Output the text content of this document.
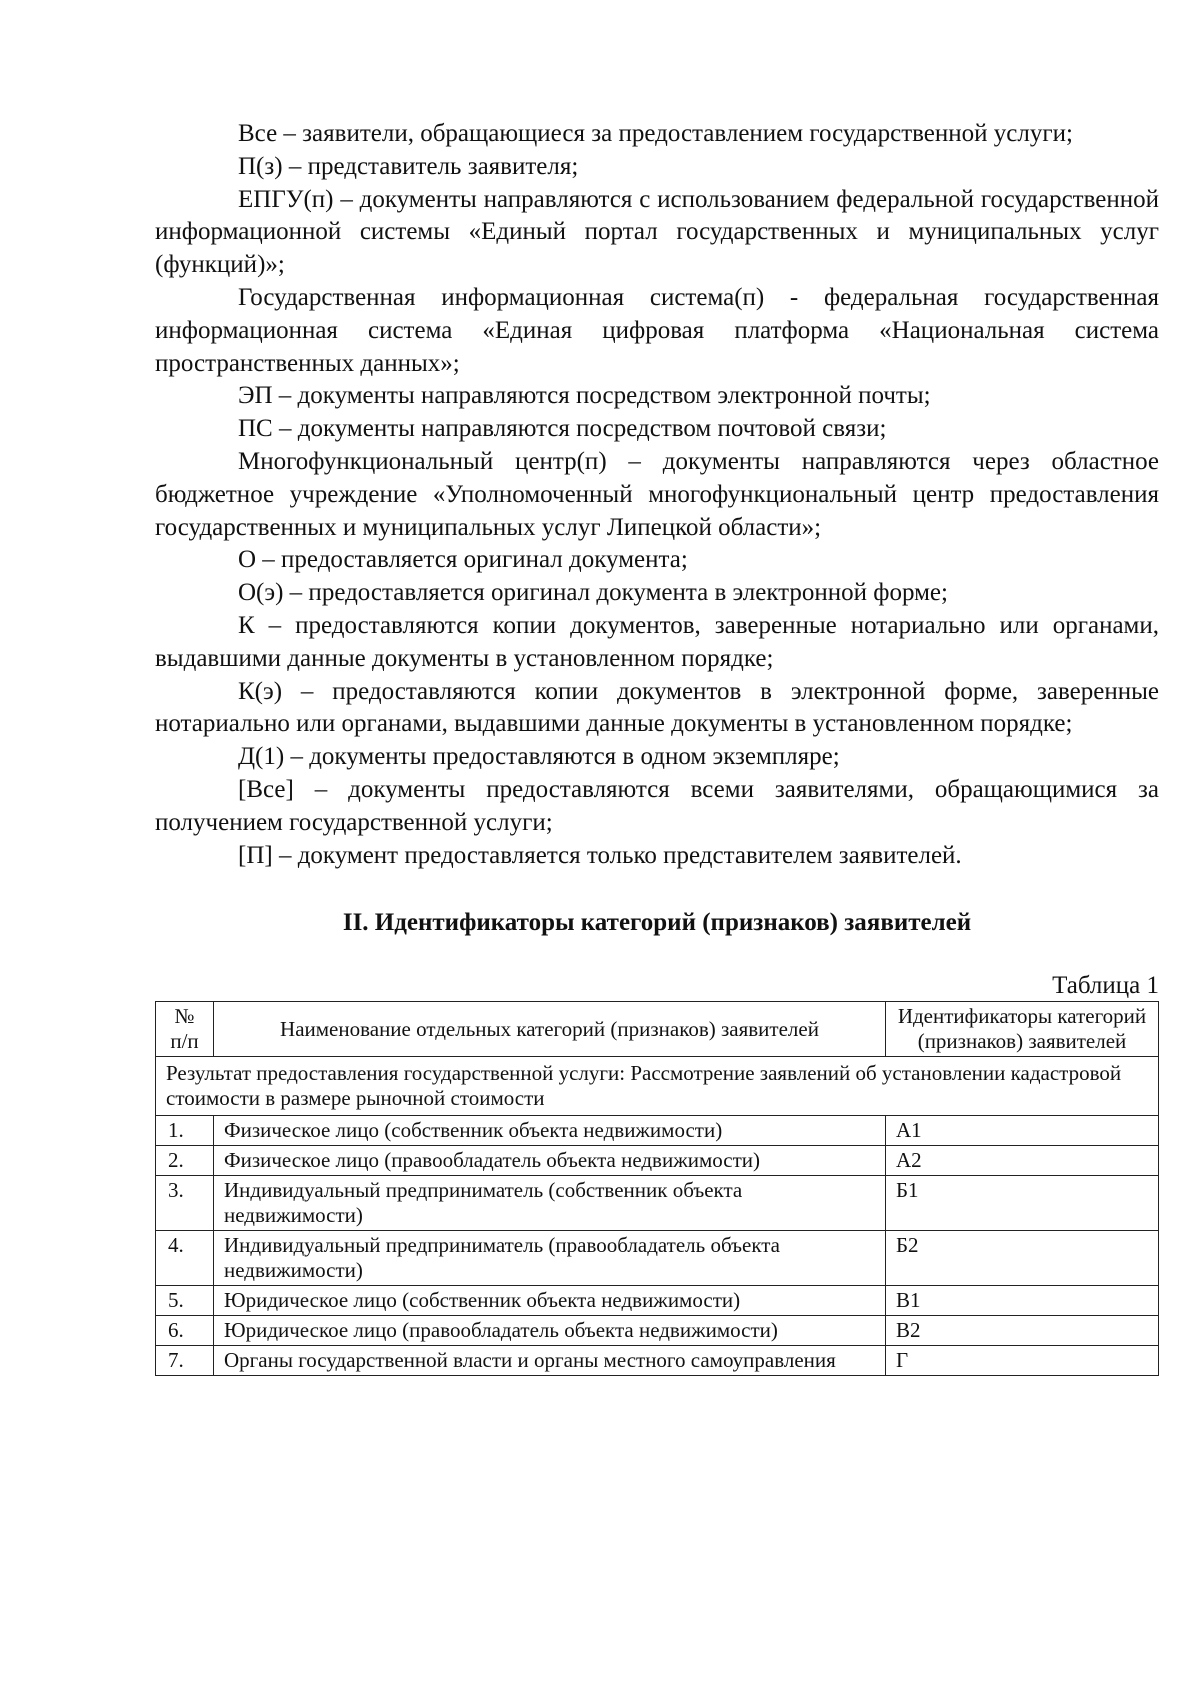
Все – заявители, обращающиеся за предоставлением государственной услуги;

П(з) – представитель заявителя;

ЕПГУ(п) – документы направляются с использованием федеральной государственной информационной системы «Единый портал государственных и муниципальных услуг (функций)»;

Государственная информационная система(п) - федеральная государственная информационная система «Единая цифровая платформа «Национальная система пространственных данных»;

ЭП – документы направляются посредством электронной почты;

ПС – документы направляются посредством почтовой связи;

Многофункциональный центр(п) – документы направляются через областное бюджетное учреждение «Уполномоченный многофункциональный центр предоставления государственных и муниципальных услуг Липецкой области»;

О – предоставляется оригинал документа;

О(э) – предоставляется оригинал документа в электронной форме;

К – предоставляются копии документов, заверенные нотариально или органами, выдавшими данные документы в установленном порядке;

К(э) – предоставляются копии документов в электронной форме, заверенные нотариально или органами, выдавшими данные документы в установленном порядке;

Д(1) – документы предоставляются в одном экземпляре;

[Все] – документы предоставляются всеми заявителями, обращающимися за получением государственной услуги;

[П] – документ предоставляется только представителем заявителей.

II. Идентификаторы категорий (признаков) заявителей
Таблица 1
№ п/п	Наименование отдельных категорий (признаков) заявителей	Идентификаторы категорий (признаков) заявителей
Результат предоставления государственной услуги: Рассмотрение заявлений об установлении кадастровой стоимости в размере рыночной стоимости		
1.	Физическое лицо (собственник объекта недвижимости)	А1
2.	Физическое лицо (правообладатель объекта недвижимости)	А2
3.	Индивидуальный предприниматель (собственник объекта недвижимости)	Б1
4.	Индивидуальный предприниматель (правообладатель объекта недвижимости)	Б2
5.	Юридическое лицо (собственник объекта недвижимости)	В1
6.	Юридическое лицо (правообладатель объекта недвижимости)	В2
7.	Органы государственной власти и органы местного самоуправления	Г
